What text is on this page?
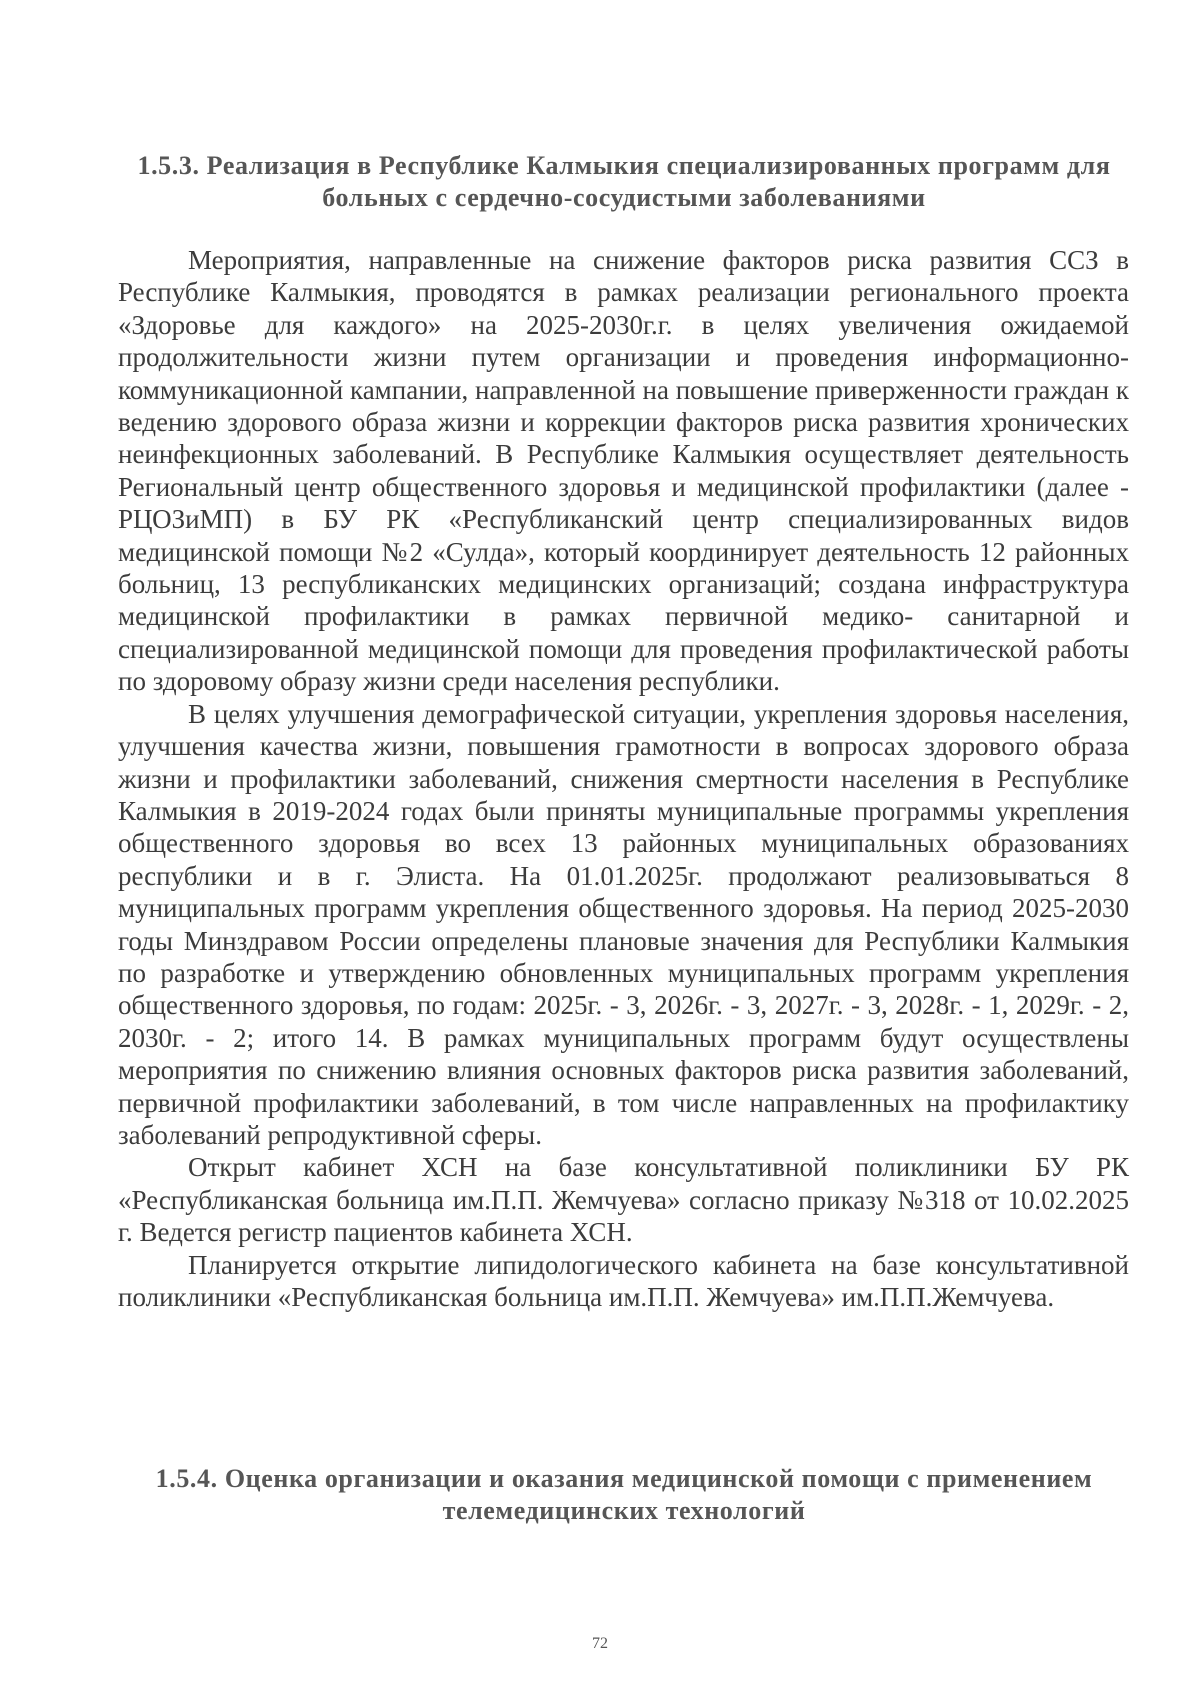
1.5.3. Реализация в Республике Калмыкия специализированных программ для
больных с сердечно-сосудистыми заболеваниями

Мероприятия, направленные на снижение факторов риска развития ССЗ в Республике Калмыкия, проводятся в рамках реализации регионального проекта «Здоровье для каждого» на 2025-2030г.г. в целях увеличения ожидаемой продолжительности жизни путем организации и проведения информационно-коммуникационной кампании, направленной на повышение приверженности граждан к ведению здорового образа жизни и коррекции факторов риска развития хронических неинфекционных заболеваний. В Республике Калмыкия осуществляет деятельность Региональный центр общественного здоровья и медицинской профилактики (далее - РЦОЗиМП) в БУ РК «Республиканский центр специализированных видов медицинской помощи №2 «Сулда», который координирует деятельность 12 районных больниц, 13 республиканских медицинских организаций; создана инфраструктура медицинской профилактики в рамках первичной медико- санитарной и специализированной медицинской помощи для проведения профилактической работы по здоровому образу жизни среди населения республики.

В целях улучшения демографической ситуации, укрепления здоровья населения, улучшения качества жизни, повышения грамотности в вопросах здорового образа жизни и профилактики заболеваний, снижения смертности населения в Республике Калмыкия в 2019-2024 годах были приняты муниципальные программы укрепления общественного здоровья во всех 13 районных муниципальных образованиях республики и в г. Элиста. На 01.01.2025г. продолжают реализовываться 8 муниципальных программ укрепления общественного здоровья. На период 2025-2030 годы Минздравом России определены плановые значения для Республики Калмыкия по разработке и утверждению обновленных муниципальных программ укрепления общественного здоровья, по годам: 2025г. - 3, 2026г. - 3, 2027г. - 3, 2028г. - 1, 2029г. - 2, 2030г. - 2; итого 14. В рамках муниципальных программ будут осуществлены мероприятия по снижению влияния основных факторов риска развития заболеваний, первичной профилактики заболеваний, в том числе направленных на профилактику заболеваний репродуктивной сферы.

Открыт кабинет ХСН на базе консультативной поликлиники БУ РК «Республиканская больница им.П.П. Жемчуева» согласно приказу №318 от 10.02.2025 г. Ведется регистр пациентов кабинета ХСН.

Планируется открытие липидологического кабинета на базе консультативной поликлиники «Республиканская больница им.П.П. Жемчуева» им.П.П.Жемчуева.

1.5.4. Оценка организации и оказания медицинской помощи с применением
телемедицинских технологий
72
